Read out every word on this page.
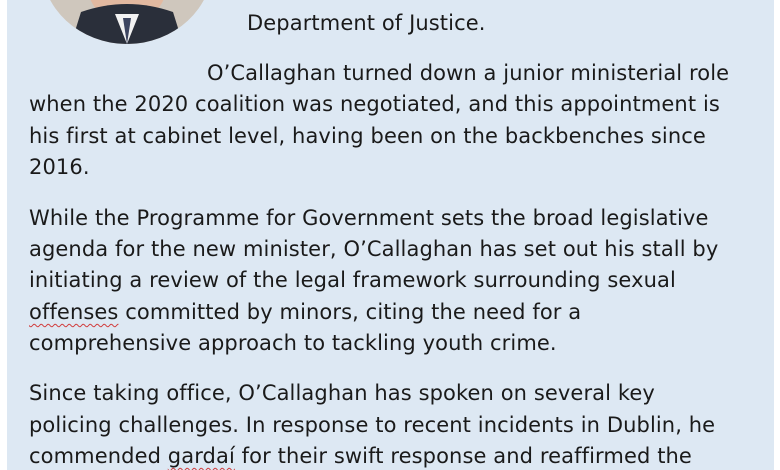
Department of Justice.
O’Callaghan turned down a junior ministerial role
when the 2020 coalition was negotiated, and this appointment is
his first at cabinet level, having been on the backbenches since
2016.
While the Programme for Government sets the broad legislative
agenda for the new minister, O’Callaghan has set out his stall by
initiating a review of the legal framework surrounding sexual
offenses committed by minors, citing the need for a
comprehensive approach to tackling youth crime.
Since taking office, O’Callaghan has spoken on several key
policing challenges. In response to recent incidents in Dublin, he
commended gardaí for their swift response and reaffirmed the
